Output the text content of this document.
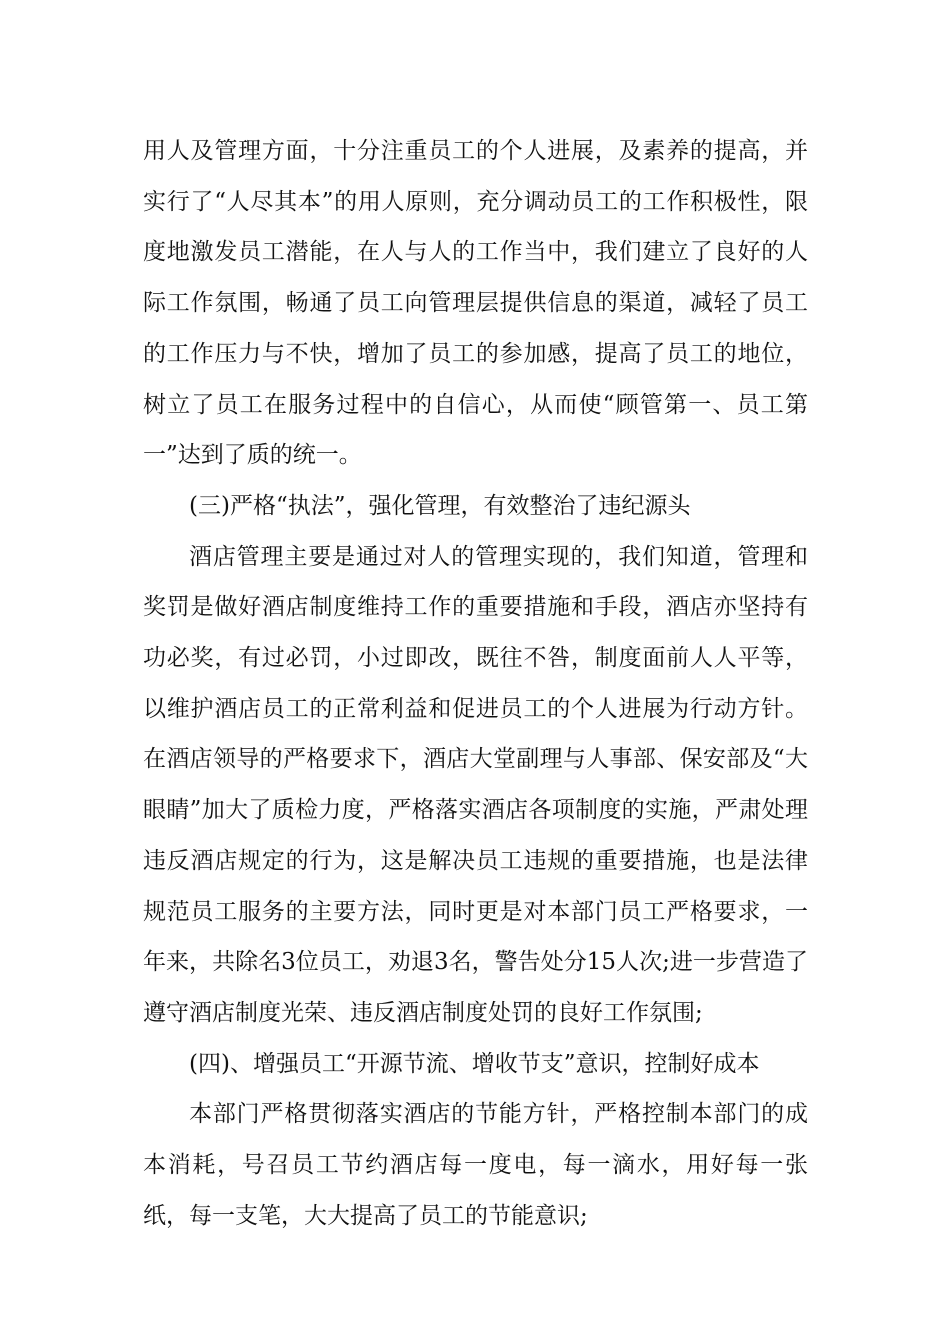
用人及管理方面，十分注重员工的个人进展，及素养的提高，并实行了“人尽其本”的用人原则，充分调动员工的工作积极性，限度地激发员工潜能，在人与人的工作当中，我们建立了良好的人际工作氛围，畅通了员工向管理层提供信息的渠道，减轻了员工的工作压力与不快，增加了员工的参加感，提高了员工的地位，树立了员工在服务过程中的自信心，从而使“顾管第一、员工第一”达到了质的统一。

(三)严格“执法”，强化管理，有效整治了违纪源头

酒店管理主要是通过对人的管理实现的，我们知道，管理和奖罚是做好酒店制度维持工作的重要措施和手段，酒店亦坚持有功必奖，有过必罚，小过即改，既往不咎，制度面前人人平等，以维护酒店员工的正常利益和促进员工的个人进展为行动方针。在酒店领导的严格要求下，酒店大堂副理与人事部、保安部及“大眼睛”加大了质检力度，严格落实酒店各项制度的实施，严肃处理违反酒店规定的行为，这是解决员工违规的重要措施，也是法律规范员工服务的主要方法，同时更是对本部门员工严格要求，一年来，共除名3位员工，劝退3名，警告处分15人次;进一步营造了遵守酒店制度光荣、违反酒店制度处罚的良好工作氛围;

(四)、增强员工“开源节流、增收节支”意识，控制好成本

本部门严格贯彻落实酒店的节能方针，严格控制本部门的成本消耗，号召员工节约酒店每一度电，每一滴水，用好每一张纸，每一支笔，大大提高了员工的节能意识;
